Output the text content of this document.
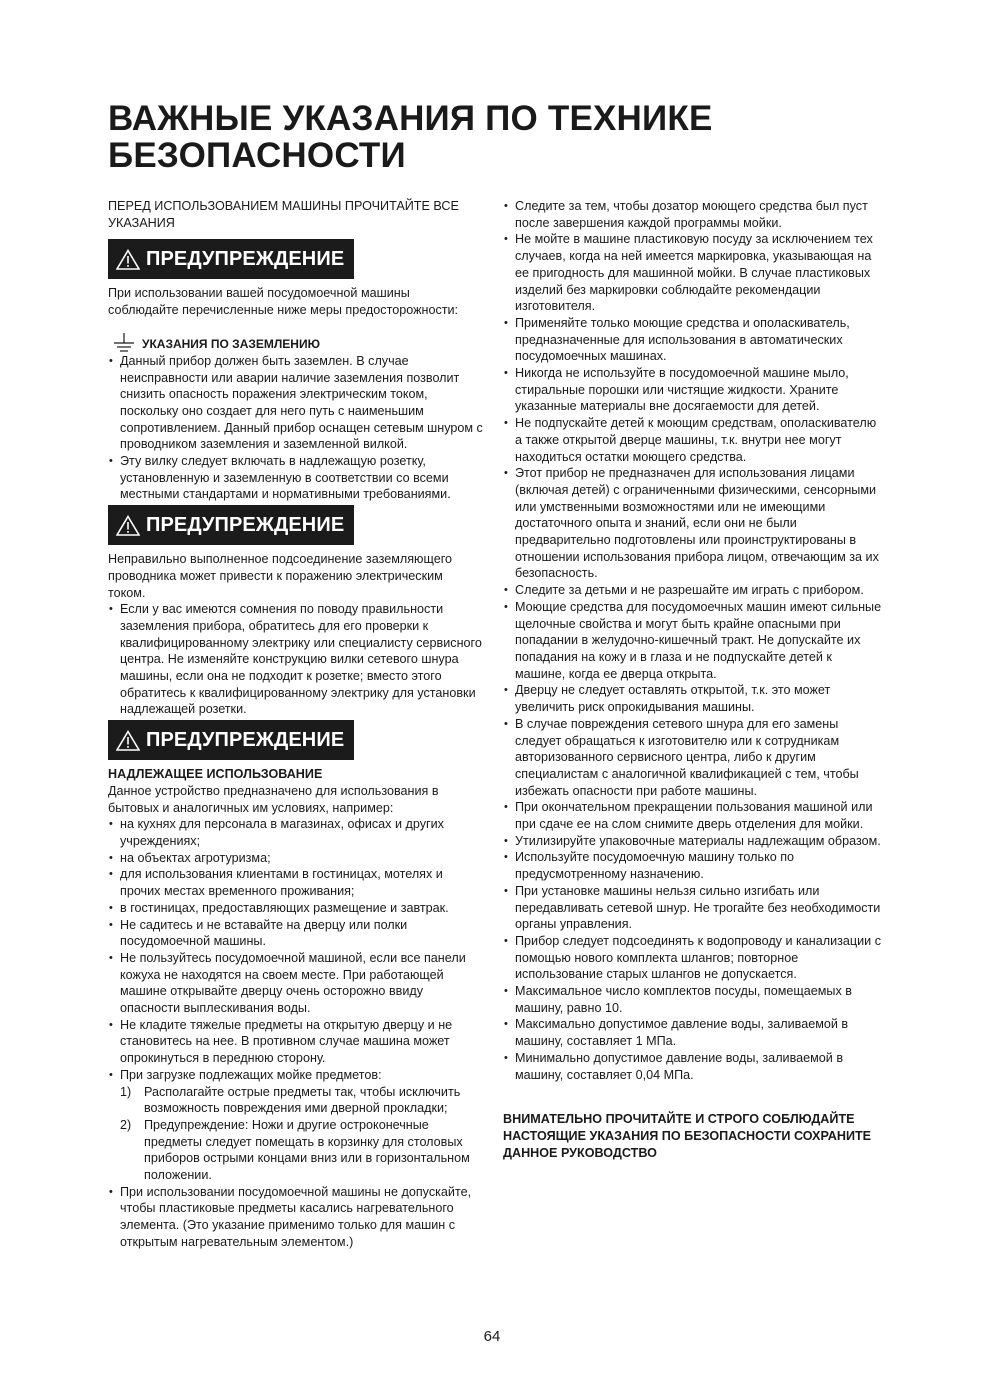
ВАЖНЫЕ УКАЗАНИЯ ПО ТЕХНИКЕ БЕЗОПАСНОСТИ

ПЕРЕД ИСПОЛЬЗОВАНИЕМ МАШИНЫ ПРОЧИТАЙТЕ ВСЕ УКАЗАНИЯ

ПРЕДУПРЕЖДЕНИЕ

При использовании вашей посудомоечной машины соблюдайте перечисленные ниже меры предосторожности:

УКАЗАНИЯ ПО ЗАЗЕМЛЕНИЮ
• Данный прибор должен быть заземлен. В случае неисправности или аварии наличие заземления позволит снизить опасность поражения электрическим током, поскольку оно создает для него путь с наименьшим сопротивлением. Данный прибор оснащен сетевым шнуром с проводником заземления и заземленной вилкой.
• Эту вилку следует включать в надлежащую розетку, установленную и заземленную в соответствии со всеми местными стандартами и нормативными требованиями.
ПРЕДУПРЕЖДЕНИЕ

Неправильно выполненное подсоединение заземляющего проводника может привести к поражению электрическим током.

• Если у вас имеются сомнения по поводу правильности заземления прибора, обратитесь для его проверки к квалифицированному электрику или специалисту сервисного центра. Не изменяйте конструкцию вилки сетевого шнура машины, если она не подходит к розетке; вместо этого обратитесь к квалифицированному электрику для установки надлежащей розетки.
ПРЕДУПРЕЖДЕНИЕ

НАДЛЕЖАЩЕЕ ИСПОЛЬЗОВАНИЕ

Данное устройство предназначено для использования в бытовых и аналогичных им условиях, например:

• на кухнях для персонала в магазинах, офисах и других учреждениях;
• на объектах агротуризма;
• для использования клиентами в гостиницах, мотелях и прочих местах временного проживания;
• в гостиницах, предоставляющих размещение и завтрак.
• Не садитесь и не вставайте на дверцу или полки посудомоечной машины.
• Не пользуйтесь посудомоечной машиной, если все панели кожуха не находятся на своем месте. При работающей машине открывайте дверцу очень осторожно ввиду опасности выплескивания воды.
• Не кладите тяжелые предметы на открытую дверцу и не становитесь на нее. В противном случае машина может опрокинуться в переднюю сторону.
• При загрузке подлежащих мойке предметов:
1) Располагайте острые предметы так, чтобы исключить возможность повреждения ими дверной прокладки;
2) Предупреждение: Ножи и другие остроконечные предметы следует помещать в корзинку для столовых приборов острыми концами вниз или в горизонтальном положении.
• При использовании посудомоечной машины не допускайте, чтобы пластиковые предметы касались нагревательного элемента. (Это указание применимо только для машин с открытым нагревательным элементом.)
• Следите за тем, чтобы дозатор моющего средства был пуст после завершения каждой программы мойки.
• Не мойте в машине пластиковую посуду за исключением тех случаев, когда на ней имеется маркировка, указывающая на ее пригодность для машинной мойки. В случае пластиковых изделий без маркировки соблюдайте рекомендации изготовителя.
• Применяйте только моющие средства и ополаскиватель, предназначенные для использования в автоматических посудомоечных машинах.
• Никогда не используйте в посудомоечной машине мыло, стиральные порошки или чистящие жидкости. Храните указанные материалы вне досягаемости для детей.
• Не подпускайте детей к моющим средствам, ополаскивателю а также открытой дверце машины, т.к. внутри нее могут находиться остатки моющего средства.
• Этот прибор не предназначен для использования лицами (включая детей) с ограниченными физическими, сенсорными или умственными возможностями или не имеющими достаточного опыта и знаний, если они не были предварительно подготовлены или проинструктированы в отношении использования прибора лицом, отвечающим за их безопасность.
• Следите за детьми и не разрешайте им играть с прибором.
• Моющие средства для посудомоечных машин имеют сильные щелочные свойства и могут быть крайне опасными при попадании в желудочно-кишечный тракт. Не допускайте их попадания на кожу и в глаза и не подпускайте детей к машине, когда ее дверца открыта.
• Дверцу не следует оставлять открытой, т.к. это может увеличить риск опрокидывания машины.
• В случае повреждения сетевого шнура для его замены следует обращаться к изготовителю или к сотрудникам авторизованного сервисного центра, либо к другим специалистам с аналогичной квалификацией с тем, чтобы избежать опасности при работе машины.
• При окончательном прекращении пользования машиной или при сдаче ее на слом снимите дверь отделения для мойки.
• Утилизируйте упаковочные материалы надлежащим образом.
• Используйте посудомоечную машину только по предусмотренному назначению.
• При установке машины нельзя сильно изгибать или передавливать сетевой шнур. Не трогайте без необходимости органы управления.
• Прибор следует подсоединять к водопроводу и канализации с помощью нового комплекта шлангов; повторное использование старых шлангов не допускается.
• Максимальное число комплектов посуды, помещаемых в машину, равно 10.
• Максимально допустимое давление воды, заливаемой в машину, составляет 1 МПа.
• Минимально допустимое давление воды, заливаемой в машину, составляет 0,04 МПа.
ВНИМАТЕЛЬНО ПРОЧИТАЙТЕ И СТРОГО СОБЛЮДАЙТЕ НАСТОЯЩИЕ УКАЗАНИЯ ПО БЕЗОПАСНОСТИ СОХРАНИТЕ ДАННОЕ РУКОВОДСТВО
64
